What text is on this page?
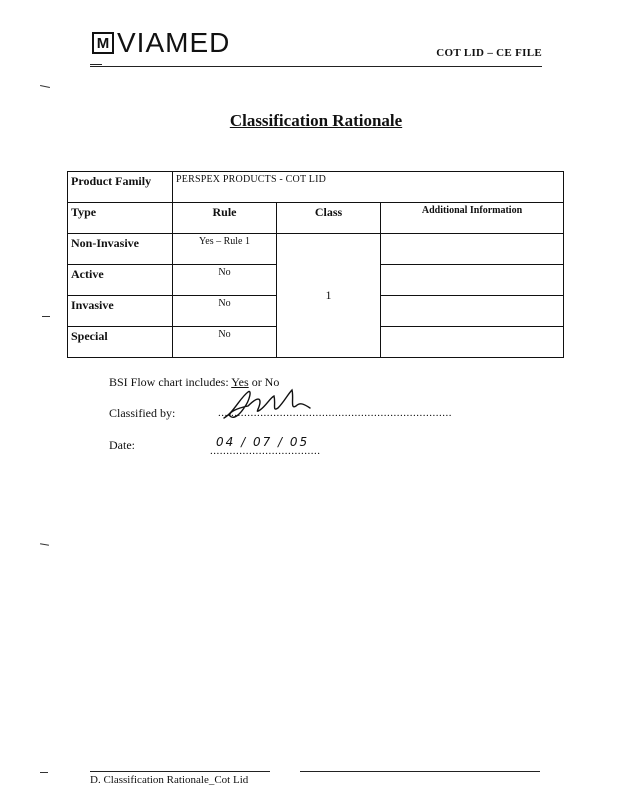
M VIAMED	COT LID – CE FILE
Classification Rationale
Product Family	PERSPEX PRODUCTS - COT LID		
Type	Rule	Class	Additional Information
Non-Invasive	Yes – Rule 1	1	
Active	No		
Invasive	No		
Special	No		
BSI Flow chart includes: Yes or No
Classified by:	........................................................................
Date:	04 / 07 / 05
..................................
D. Classification Rationale_Cot Lid
